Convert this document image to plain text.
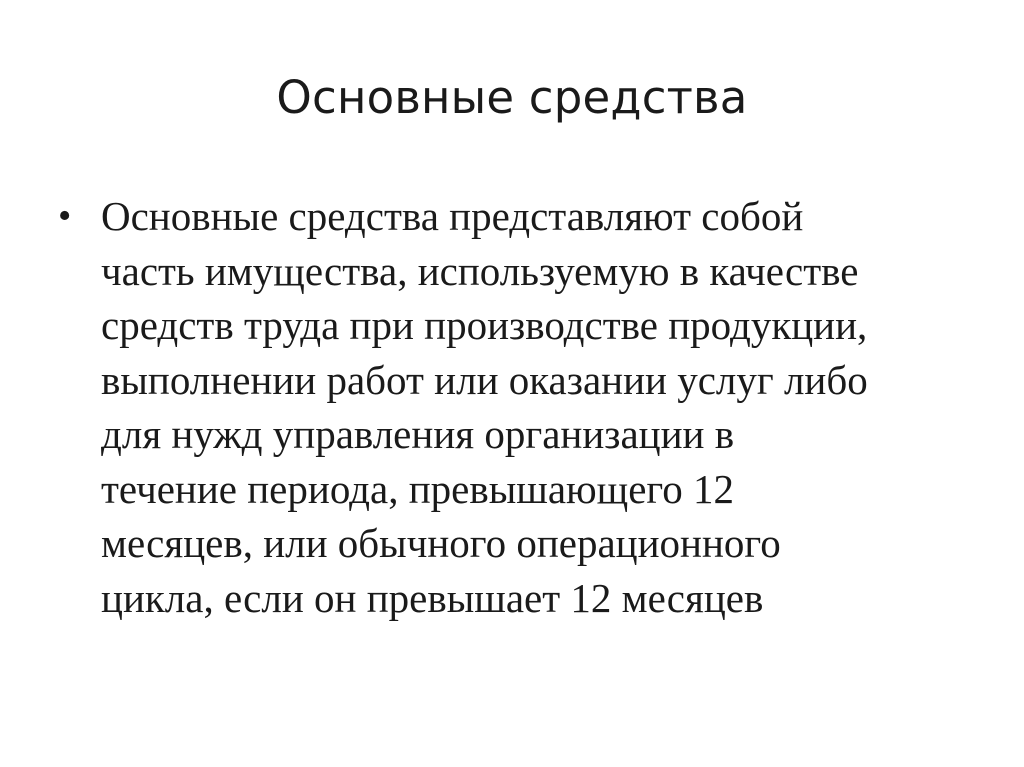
Основные средства
• Основные средства представляют собой
часть имущества, используемую в качестве
средств труда при производстве продукции,
выполнении работ или оказании услуг либо
для нужд управления организации в
течение периода, превышающего 12
месяцев, или обычного операционного
цикла, если он превышает 12 месяцев
